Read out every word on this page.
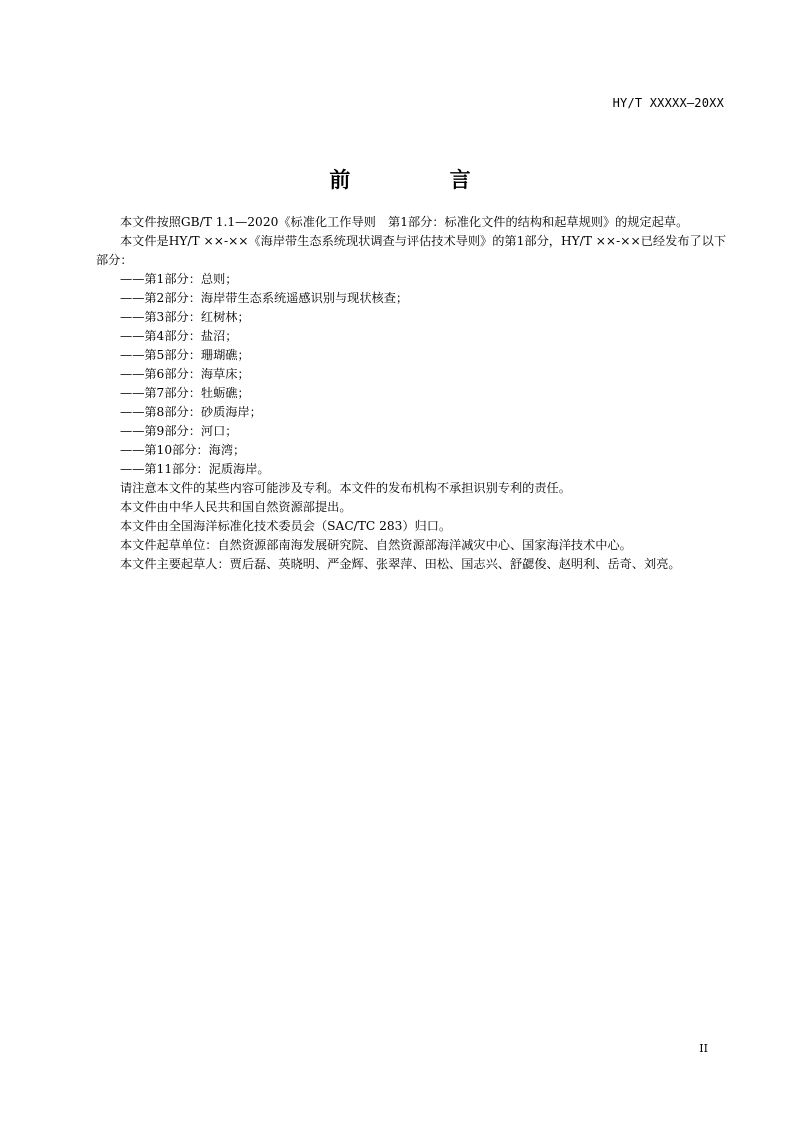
HY/T XXXXX—20XX
前 言

本文件按照GB/T 1.1—2020《标准化工作导则　第1部分：标准化文件的结构和起草规则》的规定起草。

本文件是HY/T ××-××《海岸带生态系统现状调查与评估技术导则》的第1部分，HY/T ××-××已经发布了以下部分：

——第1部分：总则；

——第2部分：海岸带生态系统遥感识别与现状核查；

——第3部分：红树林；

——第4部分：盐沼；

——第5部分：珊瑚礁；

——第6部分：海草床；

——第7部分：牡蛎礁；

——第8部分：砂质海岸；

——第9部分：河口；

——第10部分：海湾；

——第11部分：泥质海岸。

请注意本文件的某些内容可能涉及专利。本文件的发布机构不承担识别专利的责任。

本文件由中华人民共和国自然资源部提出。

本文件由全国海洋标准化技术委员会（SAC/TC 283）归口。

本文件起草单位：自然资源部南海发展研究院、自然资源部海洋减灾中心、国家海洋技术中心。

本文件主要起草人：贾后磊、英晓明、严金辉、张翠萍、田松、国志兴、舒勰俊、赵明利、岳奇、刘亮。

II
